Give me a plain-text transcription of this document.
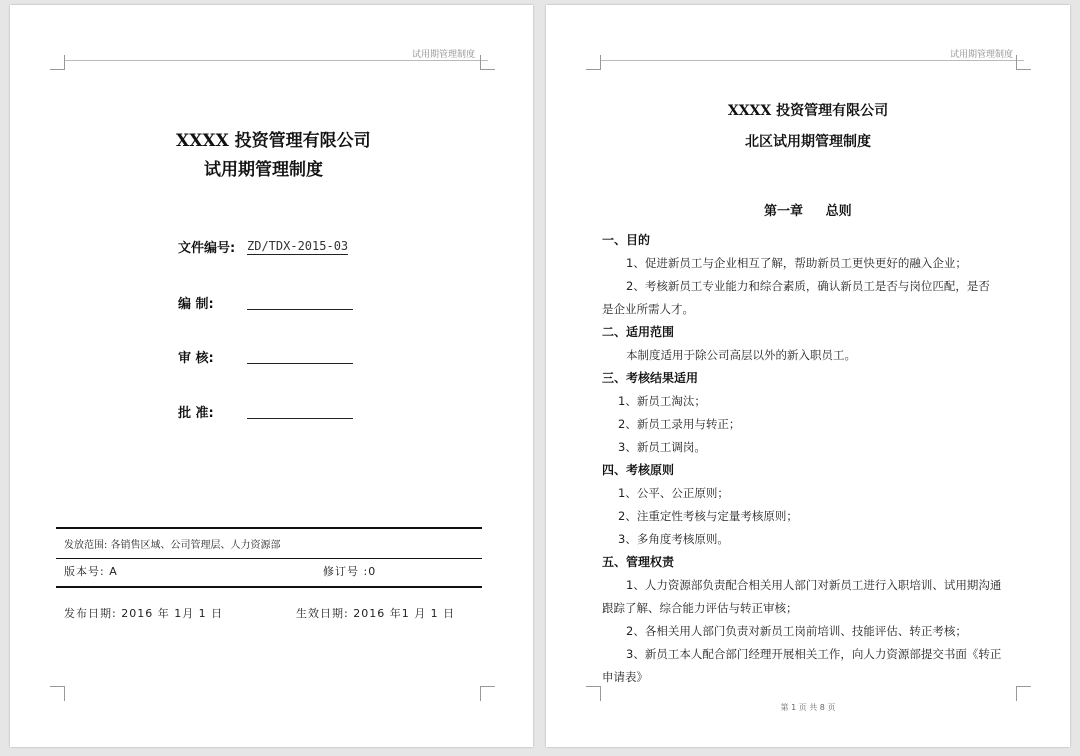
试用期管理制度
XXXX 投资管理有限公司
试用期管理制度
文件编号: ZD/TDX-2015-03
编 制:
审 核:
批 准:
发放范围: 各销售区域、公司管理层、人力资源部
版本号: A	修订号 :0
发布日期: 2016 年 1月 1 日	生效日期: 2016 年1 月 1 日
试用期管理制度
XXXX 投资管理有限公司
北区试用期管理制度
第一章     总则
一、目的
1、促进新员工与企业相互了解，帮助新员工更快更好的融入企业；
2、考核新员工专业能力和综合素质，确认新员工是否与岗位匹配，是否
是企业所需人才。
二、适用范围
本制度适用于除公司高层以外的新入职员工。
三、考核结果适用
1、新员工淘汰；
2、新员工录用与转正；
3、新员工调岗。
四、考核原则
1、公平、公正原则；
2、注重定性考核与定量考核原则；
3、多角度考核原则。
五、管理权责
1、人力资源部负责配合相关用人部门对新员工进行入职培训、试用期沟通
跟踪了解、综合能力评估与转正审核；
2、各相关用人部门负责对新员工岗前培训、技能评估、转正考核；
3、新员工本人配合部门经理开展相关工作，向人力资源部提交书面《转正
申请表》
第 1 页 共 8 页
